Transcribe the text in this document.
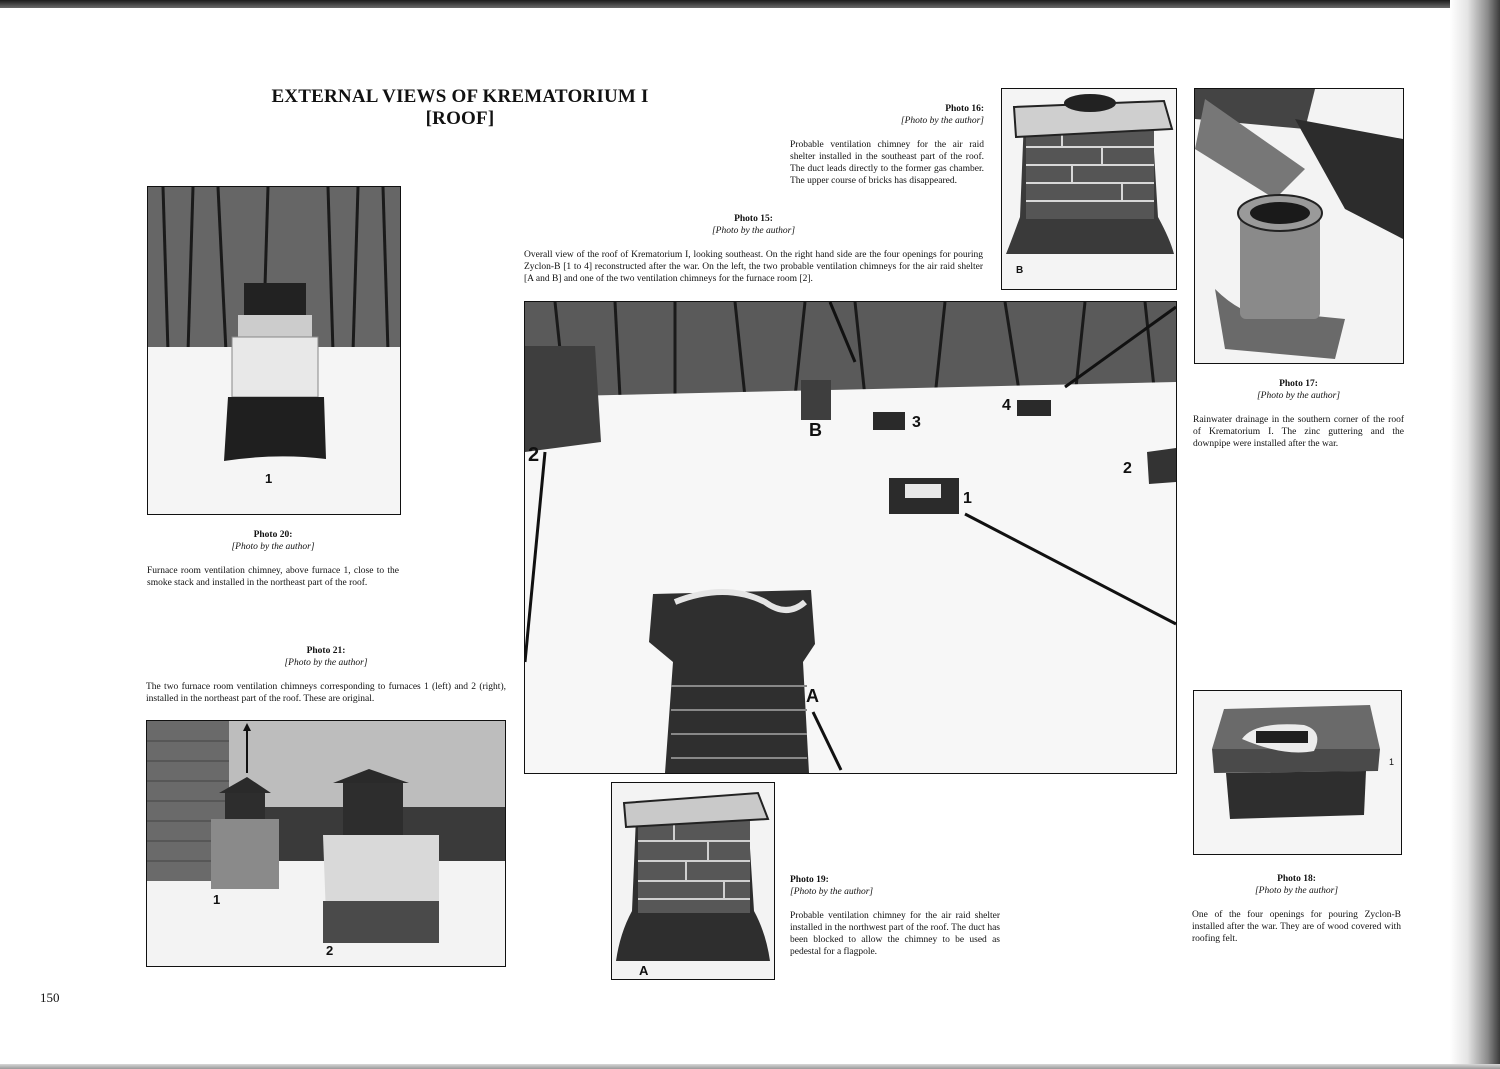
EXTERNAL VIEWS OF KREMATORIUM I
[ROOF]	Photo 16:
[Photo by the author]
Probable ventilation chimney for the air raid shelter installed in the southeast part of the roof. The duct leads directly to the former gas chamber. The upper course of bricks has disappeared.
B
Photo 15:
[Photo by the author]
Overall view of the roof of Krematorium I, looking southeast. On the right hand side are the four openings for pouring Zyclon-B [1 to 4] reconstructed after the war. On the left, the two probable ventilation chimneys for the air raid shelter [A and B] and one of the two ventilation chimneys for the furnace room [2].
B	3
4
2
2
1
A
Photo 17:
[Photo by the author]
Rainwater drainage in the southern corner of the roof of Krematorium I. The zinc guttering and the downpipe were installed after the war.
1
Photo 20:
[Photo by the author]
Furnace room ventilation chimney, above furnace 1, close to the smoke stack and installed in the northeast part of the roof.
Photo 21:
[Photo by the author]
The two furnace room ventilation chimneys corresponding to furnaces 1 (left) and 2 (right), installed in the northeast part of the roof. These are original.
1
2
A
Photo 19:
[Photo by the author]
Probable ventilation chimney for the air raid shelter installed in the northwest part of the roof. The duct has been blocked to allow the chimney to be used as pedestal for a flagpole.
1
Photo 18:
[Photo by the author]
One of the four openings for pouring Zyclon-B installed after the war. They are of wood covered with roofing felt.
150
